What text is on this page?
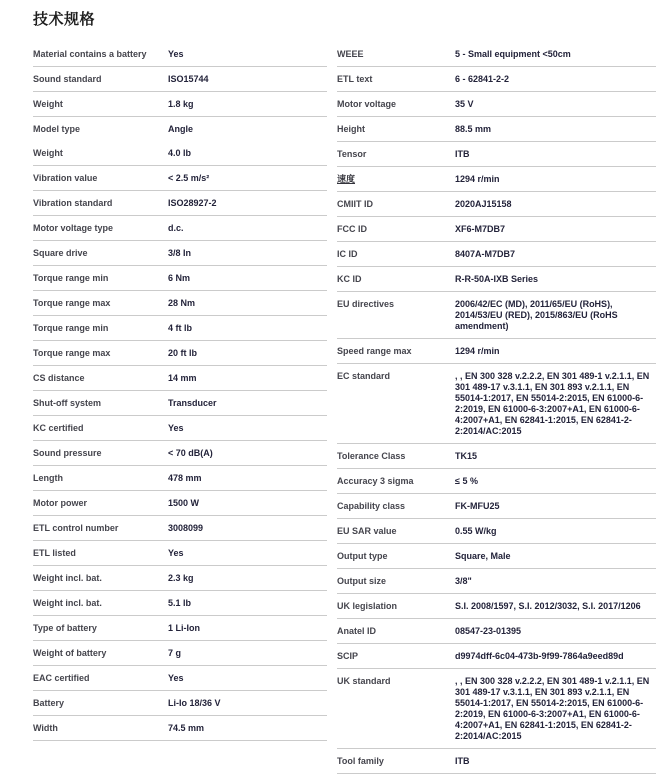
技术规格
Material contains a battery	Yes
Sound standard	ISO15744
Weight	1.8 kg
Model type	Angle
Weight	4.0 lb
Vibration value	< 2.5 m/s²
Vibration standard	ISO28927-2
Motor voltage type	d.c.
Square drive	3/8 In
Torque range min	6 Nm
Torque range max	28 Nm
Torque range min	4 ft lb
Torque range max	20 ft lb
CS distance	14 mm
Shut-off system	Transducer
KC certified	Yes
Sound pressure	< 70 dB(A)
Length	478 mm
Motor power	1500 W
ETL control number	3008099
ETL listed	Yes
Weight incl. bat.	2.3 kg
Weight incl. bat.	5.1 lb
Type of battery	1 Li-Ion
Weight of battery	7 g
EAC certified	Yes
Battery	Li-Io 18/36 V
Width	74.5 mm
WEEE	5 - Small equipment <50cm
ETL text	6 - 62841-2-2
Motor voltage	35 V
Height	88.5 mm
Tensor	ITB
速度	1294 r/min
CMIIT ID	2020AJ15158
FCC ID	XF6-M7DB7
IC ID	8407A-M7DB7
KC ID	R-R-50A-IXB Series
EU directives	2006/42/EC (MD), 2011/65/EU (RoHS), 2014/53/EU (RED), 2015/863/EU (RoHS amendment)
Speed range max	1294 r/min
EC standard	, , EN 300 328 v.2.2.2, EN 301 489-1 v.2.1.1, EN 301 489-17 v.3.1.1, EN 301 893 v.2.1.1, EN 55014-1:2017, EN 55014-2:2015, EN 61000-6-2:2019, EN 61000-6-3:2007+A1, EN 61000-6-4:2007+A1, EN 62841-1:2015, EN 62841-2-2:2014/AC:2015
Tolerance Class	TK15
Accuracy 3 sigma	≤ 5 %
Capability class	FK-MFU25
EU SAR value	0.55 W/kg
Output type	Square, Male
Output size	3/8"
UK legislation	S.I. 2008/1597, S.I. 2012/3032, S.I. 2017/1206
Anatel ID	08547-23-01395
SCIP	d9974dff-6c04-473b-9f99-7864a9eed89d
UK standard	, , EN 300 328 v.2.2.2, EN 301 489-1 v.2.1.1, EN 301 489-17 v.3.1.1, EN 301 893 v.2.1.1, EN 55014-1:2017, EN 55014-2:2015, EN 61000-6-2:2019, EN 61000-6-3:2007+A1, EN 61000-6-4:2007+A1, EN 62841-1:2015, EN 62841-2-2:2014/AC:2015
Tool family	ITB
